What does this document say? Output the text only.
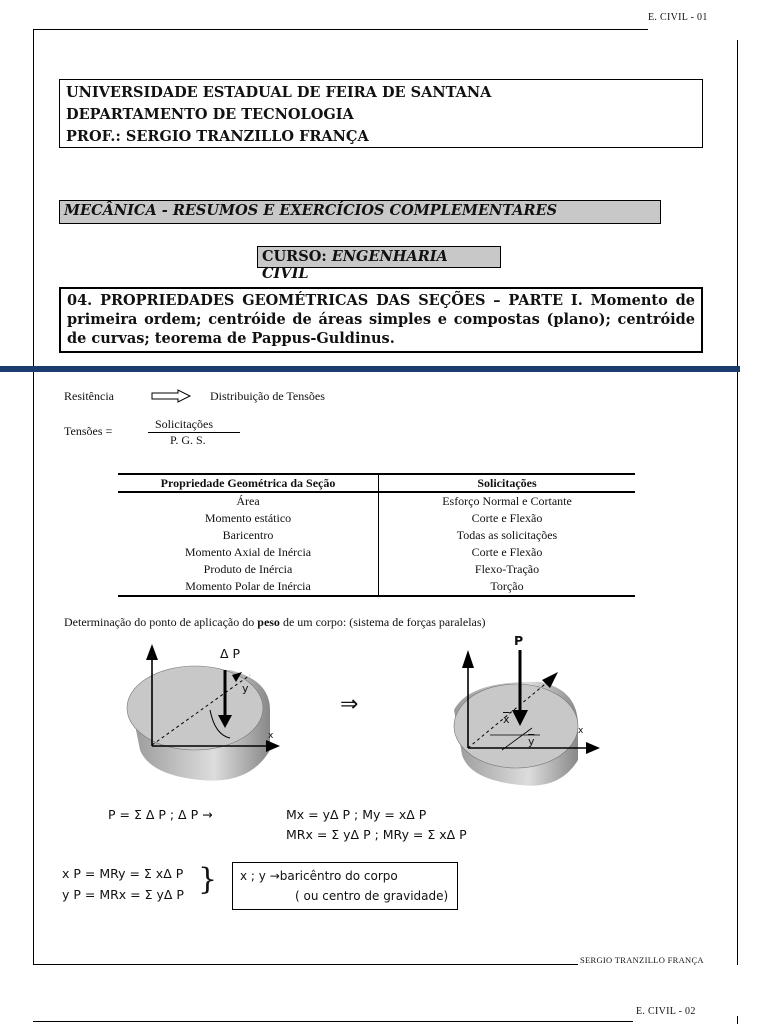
E. CIVIL - 01
UNIVERSIDADE ESTADUAL DE FEIRA DE SANTANA
DEPARTAMENTO DE TECNOLOGIA
PROF.: SERGIO TRANZILLO FRANÇA
MECÂNICA - RESUMOS E EXERCÍCIOS COMPLEMENTARES
CURSO: ENGENHARIA CIVIL
04. PROPRIEDADES GEOMÉTRICAS DAS SEÇÕES – PARTE I. Momento de primeira ordem; centróide de áreas simples e compostas (plano); centróide de curvas; teorema de Pappus-Guldinus.
Resitência	Distribuição de Tensões
Tensões =	Solicitações
P. G. S.
Propriedade Geométrica da Seção	Solicitações
Área	Esforço Normal e Cortante
Momento estático	Corte e Flexão
Baricentro	Todas as solicitações
Momento Axial de Inércia	Corte e Flexão
Produto de Inércia	Flexo-Tração
Momento Polar de Inércia	Torção
Determinação do ponto de aplicação do peso de um corpo: (sistema de forças paralelas)
Δ P
y
x
⇒
P
$\overline{x}$
$\overline{y}$
x
P = Σ Δ P ; Δ P →	Mx = yΔ P ; My = xΔ P
MRx = Σ yΔ P ; MRy = Σ xΔ P
x P = MRy = Σ xΔ P
y P = MRx = Σ yΔ P } x ; y →baricêntro do corpo
( ou centro de gravidade)
SERGIO TRANZILLO FRANÇA
E. CIVIL - 02
